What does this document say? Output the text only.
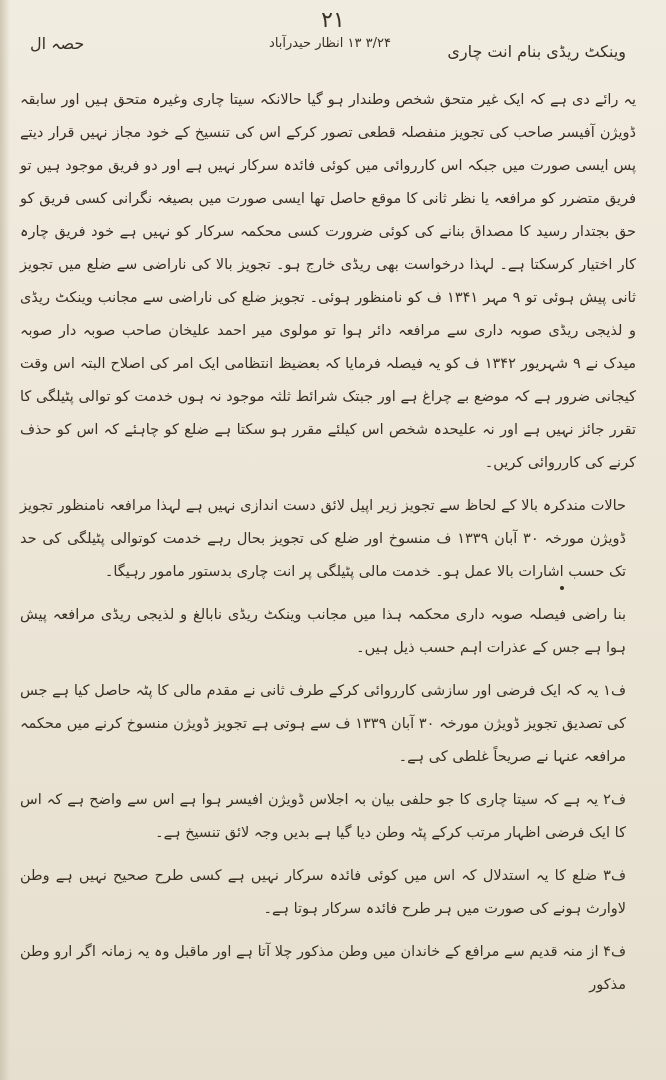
۲۱
۳/۲۴ ۱۳ انظار حیدرآباد
حصہ ال	وینکٹ ریڈی بنام انت چاری

یہ رائے دی ہے کہ ایک غیر متحق شخص وطندار ہو گیا حالانکہ سیتا چاری وغیرہ متحق ہیں اور سابقہ ڈویژن آفیسر صاحب کی تجویز منفصلہ قطعی تصور کرکے اس کی تنسیخ کے خود مجاز نہیں قرار دیتے پس ایسی صورت میں جبکہ اس کارروائی میں کوئی فائدہ سرکار نہیں ہے اور دو فریق موجود ہیں تو فریق متضرر کو مرافعہ یا نظر ثانی کا موقع حاصل تھا ایسی صورت میں بصیغہ نگرانی کسی فریق کو حق بجتدار رسید کا مصداق بنانے کی کوئی ضرورت کسی محکمہ سرکار کو نہیں ہے خود فریق چارہ کار اختیار کرسکتا ہے۔ لہذا درخواست بھی ریڈی خارج ہو۔ تجویز بالا کی ناراضی سے ضلع میں تجویز ثانی پیش ہوئی تو ۹ مہر ۱۳۴۱ ف کو نامنظور ہوئی۔ تجویز ضلع کی ناراضی سے مجانب وینکٹ ریڈی و لذیجی ریڈی صوبہ داری سے مرافعہ دائر ہوا تو مولوی میر احمد علیخان صاحب صوبہ دار صوبہ میدک نے ۹ شہریور ۱۳۴۲ ف کو یہ فیصلہ فرمایا کہ بعضیظ انتظامی ایک امر کی اصلاح البتہ اس وقت کیجانی ضرور ہے کہ موضع بے چراغ ہے اور جبتک شرائط ثلثہ موجود نہ ہوں خدمت کو توالی پٹیلگی کا تقرر جائز نہیں ہے اور نہ علیحدہ شخص اس کیلئے مقرر ہو سکتا ہے ضلع کو چاہئے کہ اس کو حذف کرنے کی کارروائی کریں۔

حالات مندکرہ بالا کے لحاظ سے تجویز زیر اپیل لائق دست اندازی نہیں ہے لہذا مرافعہ نامنظور تجویز ڈویژن مورخہ ۳۰ آبان ۱۳۳۹ ف منسوخ اور ضلع کی تجویز بحال رہے خدمت کوتوالی پٹیلگی کی حد تک حسب اشارات بالا عمل ہو۔ خدمت مالی پٹیلگی پر انت چاری بدستور مامور رہیگا۔

بنا راضی فیصلہ صوبہ داری محکمہ ہذا میں مجانب وینکٹ ریڈی نابالغ و لذیجی ریڈی مرافعہ پیش ہوا ہے جس کے عذرات اہم حسب ذیل ہیں۔

ف۱ یہ کہ ایک فرضی اور سازشی کارروائی کرکے طرف ثانی نے مقدم مالی کا پٹہ حاصل کیا ہے جس کی تصدیق تجویز ڈویژن مورخہ ۳۰ آبان ۱۳۳۹ ف سے ہوتی ہے تجویز ڈویژن منسوخ کرنے میں محکمہ مرافعہ عنہا نے صریحاً غلطی کی ہے۔

ف۲ یہ ہے کہ سیتا چاری کا جو حلفی بیان بہ اجلاس ڈویژن افیسر ہوا ہے اس سے واضح ہے کہ اس کا ایک فرضی اظہار مرتب کرکے پٹہ وطن دیا گیا ہے بدیں وجہ لائق تنسیخ ہے۔

ف۳ ضلع کا یہ استدلال کہ اس میں کوئی فائدہ سرکار نہیں ہے کسی طرح صحیح نہیں ہے وطن لاوارث ہونے کی صورت میں ہر طرح فائدہ سرکار ہوتا ہے۔

ف۴ از منہ قدیم سے مرافع کے خاندان میں وطن مذکور چلا آتا ہے اور ماقبل وہ یہ زمانہ اگر ارو وطن مذکور
